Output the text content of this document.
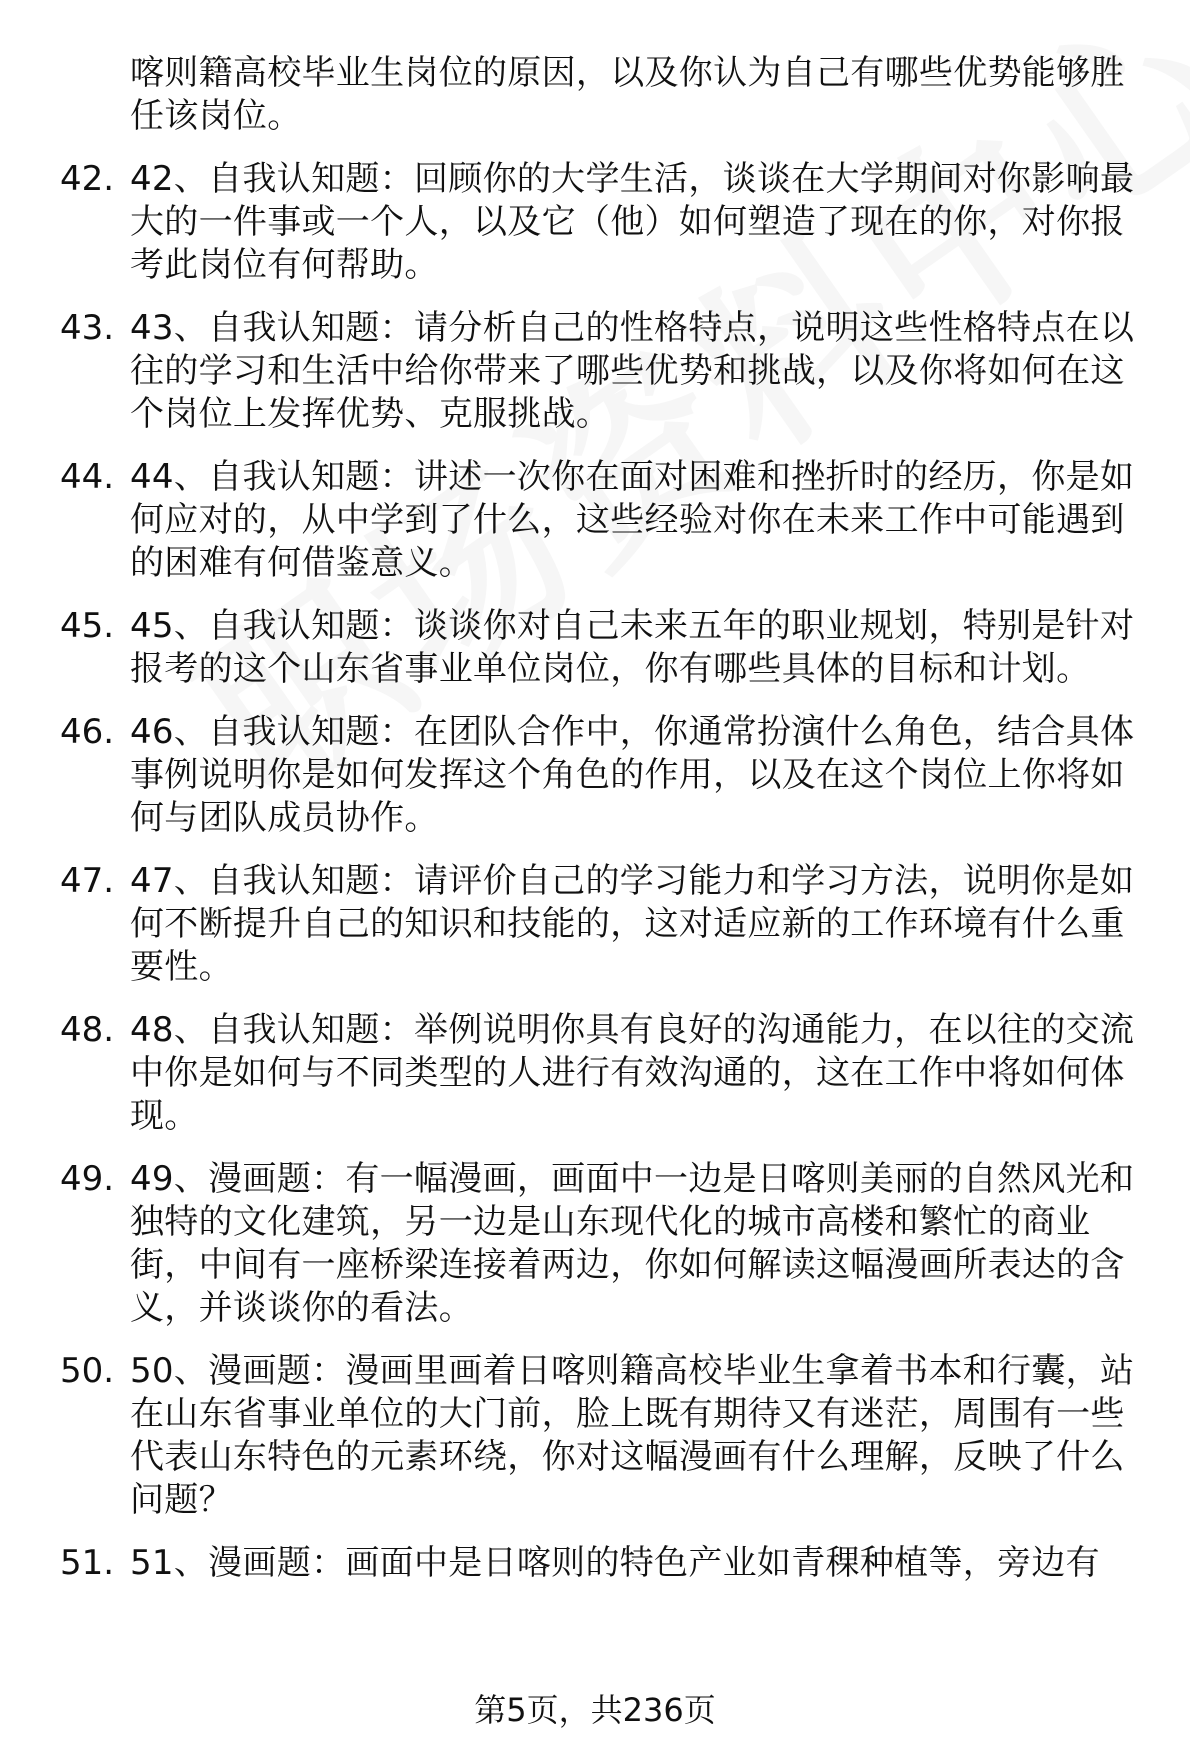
喀则籍高校毕业生岗位的原因，以及你认为自己有哪些优势能够胜任该岗位。
42. 42、自我认知题：回顾你的大学生活，谈谈在大学期间对你影响最大的一件事或一个人，以及它（他）如何塑造了现在的你，对你报考此岗位有何帮助。
43. 43、自我认知题：请分析自己的性格特点，说明这些性格特点在以往的学习和生活中给你带来了哪些优势和挑战，以及你将如何在这个岗位上发挥优势、克服挑战。
44. 44、自我认知题：讲述一次你在面对困难和挫折时的经历，你是如何应对的，从中学到了什么，这些经验对你在未来工作中可能遇到的困难有何借鉴意义。
45. 45、自我认知题：谈谈你对自己未来五年的职业规划，特别是针对报考的这个山东省事业单位岗位，你有哪些具体的目标和计划。
46. 46、自我认知题：在团队合作中，你通常扮演什么角色，结合具体事例说明你是如何发挥这个角色的作用，以及在这个岗位上你将如何与团队成员协作。
47. 47、自我认知题：请评价自己的学习能力和学习方法，说明你是如何不断提升自己的知识和技能的，这对适应新的工作环境有什么重要性。
48. 48、自我认知题：举例说明你具有良好的沟通能力，在以往的交流中你是如何与不同类型的人进行有效沟通的，这在工作中将如何体现。
49. 49、漫画题：有一幅漫画，画面中一边是日喀则美丽的自然风光和独特的文化建筑，另一边是山东现代化的城市高楼和繁忙的商业街，中间有一座桥梁连接着两边，你如何解读这幅漫画所表达的含义，并谈谈你的看法。
50. 50、漫画题：漫画里画着日喀则籍高校毕业生拿着书本和行囊，站在山东省事业单位的大门前，脸上既有期待又有迷茫，周围有一些代表山东特色的元素环绕，你对这幅漫画有什么理解，反映了什么问题？
51. 51、漫画题：画面中是日喀则的特色产业如青稞种植等，旁边有
第5页，共236页
